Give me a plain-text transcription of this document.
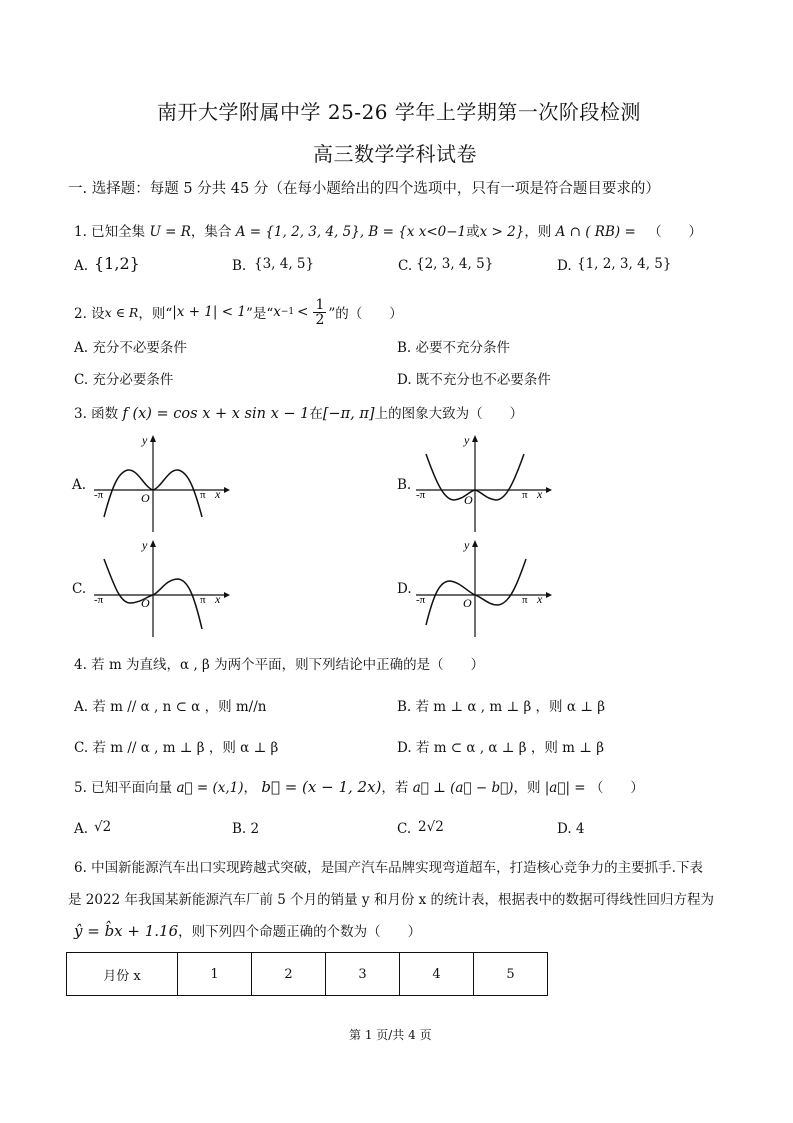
南开大学附属中学 25-26 学年上学期第一次阶段检测
高三数学学科试卷
一. 选择题：每题 5 分共 45 分（在每小题给出的四个选项中，只有一项是符合题目要求的）
1. 已知全集 U = R，集合 A = {1, 2, 3, 4, 5}, B = {x x<0−1或x > 2}，则 A ∩ ( RB) = （　　）
A. {1,2}	B. {3, 4, 5}	C. {2, 3, 4, 5}	D. {1, 2, 3, 4, 5}
2. 设 x ∈ R ，则“ |x + 1| < 1 ”是“ $x -1 < \frac{1}{2}$ ”的（　　）
A. 充分不必要条件	B. 必要不充分条件
C. 充分必要条件	D. 既不充分也不必要条件
3. 函数 f (x) = cos x + x sin x − 1在[−π, π]上的图象大致为（　　）
A.	B.
C.	D.
y
x
O
-π	π
y
x
O
-π	π
y
x
O
-π	π
y
x
O
-π	π
4. 若 m 为直线，α , β 为两个平面，则下列结论中正确的是（　　）
A. 若 m // α , n ⊂ α ，则 m//n	B. 若 m ⊥ α , m ⊥ β ，则 α ⊥ β
C. 若 m // α , m ⊥ β ，则 α ⊥ β	D. 若 m ⊂ α , α ⊥ β ，则 m ⊥ β
5. 已知平面向量 a⃗ = (x,1)， b⃗ = (x − 1, 2x)，若 a⃗ ⊥ (a⃗ − b⃗)，则 |a⃗| = （　　）
A. √2	B. 2	C. 2√2	D. 4
6. 中国新能源汽车出口实现跨越式突破，是国产汽车品牌实现弯道超车，打造核心竞争力的主要抓手.下表
是 2022 年我国某新能源汽车厂前 5 个月的销量 y 和月份 x 的统计表，根据表中的数据可得线性回归方程为
ŷ = b̂x + 1.16，则下列四个命题正确的个数为（　　）
月份 x	1	2	3	4	5
第 1 页/共 4 页
